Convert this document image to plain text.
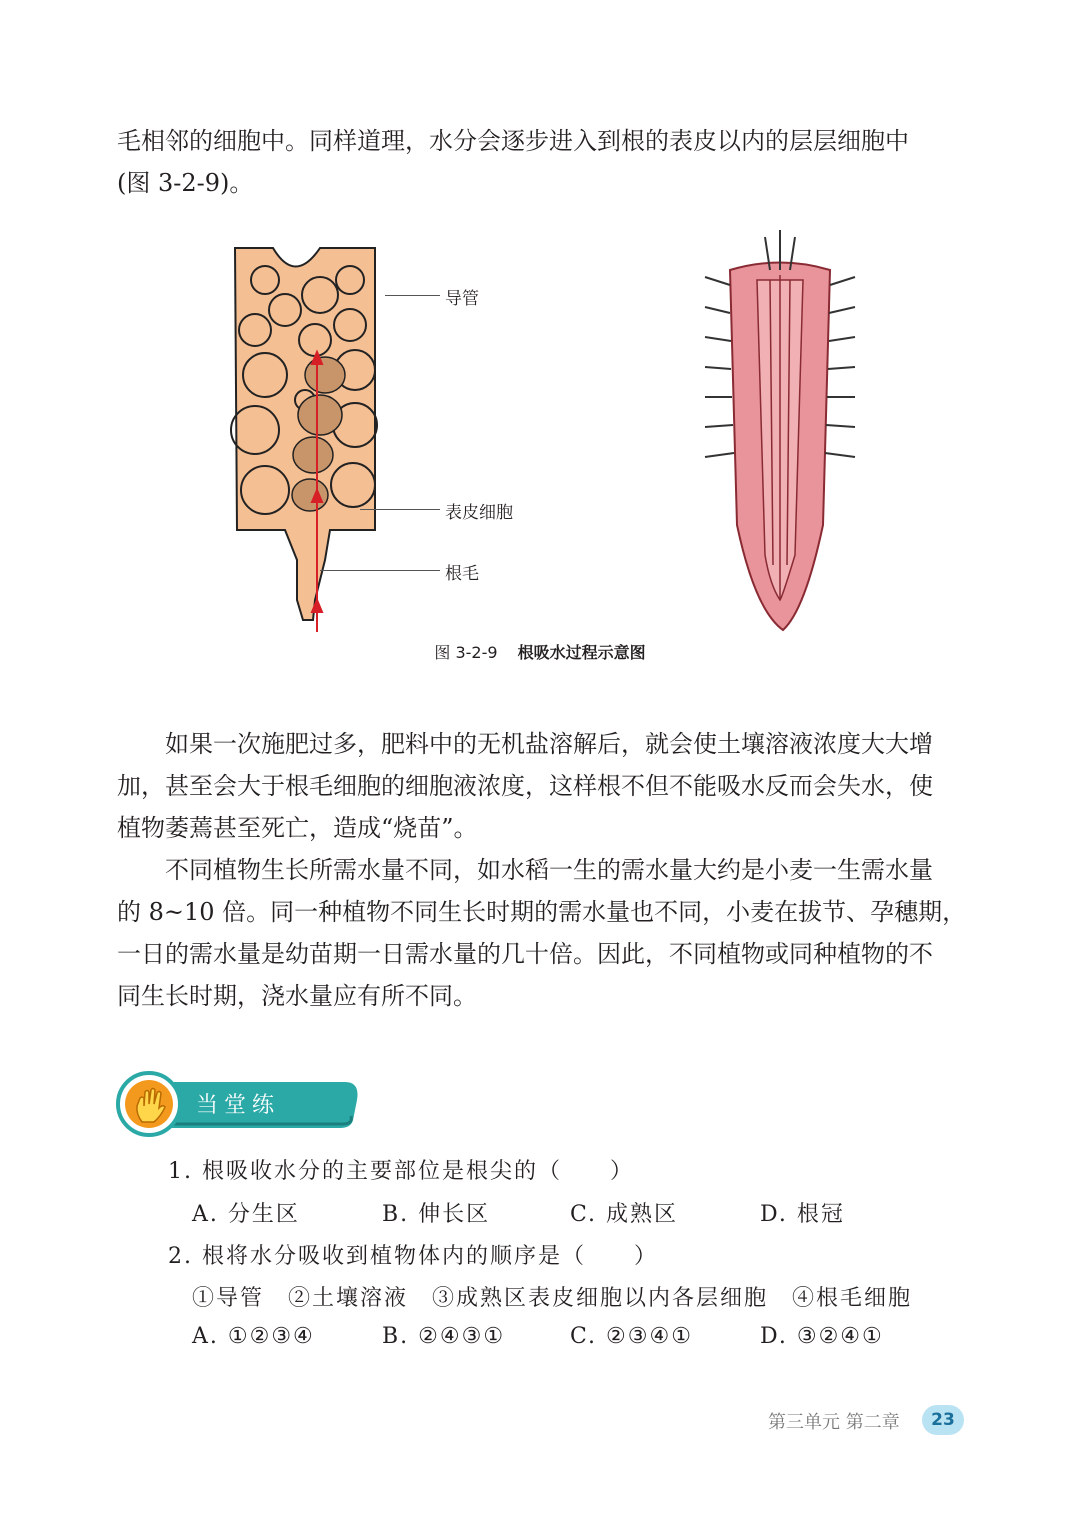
毛相邻的细胞中。同样道理，水分会逐步进入到根的表皮以内的层层细胞中
(图 3-2-9)。
导管
表皮细胞
根毛
图 3-2-9 根吸水过程示意图
如果一次施肥过多，肥料中的无机盐溶解后，就会使土壤溶液浓度大大增
加，甚至会大于根毛细胞的细胞液浓度，这样根不但不能吸水反而会失水，使
植物萎蔫甚至死亡，造成“烧苗”。
不同植物生长所需水量不同，如水稻一生的需水量大约是小麦一生需水量
的 8~10 倍。同一种植物不同生长时期的需水量也不同，小麦在拔节、孕穗期，
一日的需水量是幼苗期一日需水量的几十倍。因此，不同植物或同种植物的不
同生长时期，浇水量应有所不同。
当堂练
1. 根吸收水分的主要部位是根尖的（　　）
A. 分生区	B. 伸长区	C. 成熟区	D. 根冠
2. 根将水分吸收到植物体内的顺序是（　　）
①导管　②土壤溶液　③成熟区表皮细胞以内各层细胞　④根毛细胞
A. ①②③④	B. ②④③①	C. ②③④①	D. ③②④①
第三单元 第二章	23
